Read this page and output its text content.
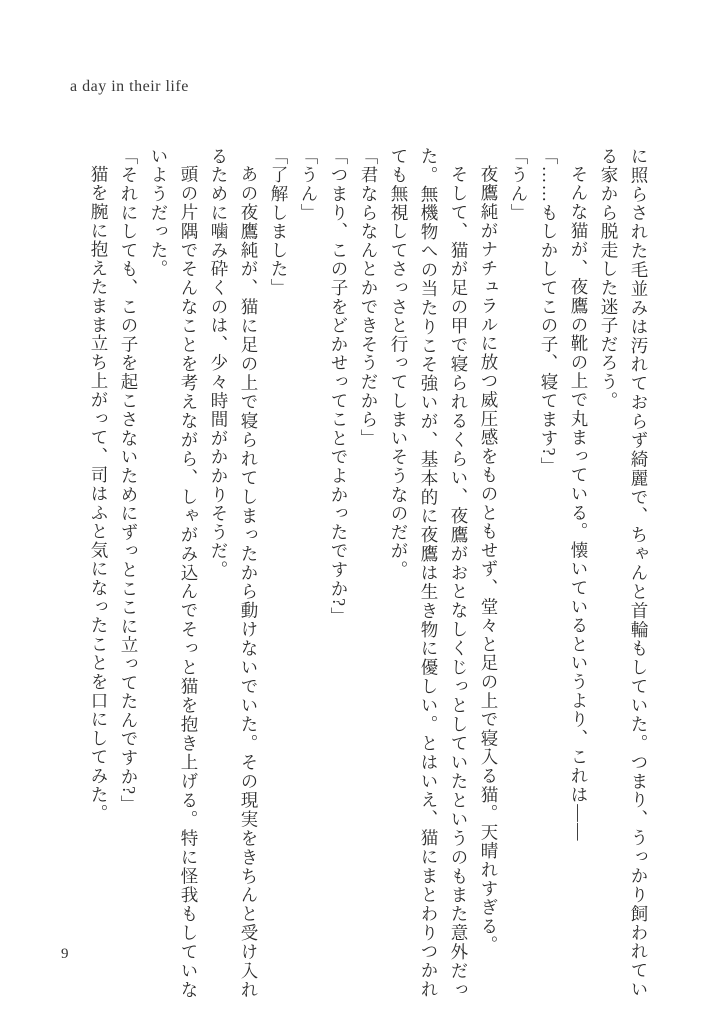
a day in their life

に照らされた毛並みは汚れておらず綺麗で、ちゃんと首輪もしていた。つまり、うっかり飼われている家から脱走した迷子だろう。

そんな猫が、夜鷹の靴の上で丸まっている。懐いているというより、これは――

「……もしかしてこの子、寝てます?」

「うん」

夜鷹純がナチュラルに放つ威圧感をものともせず、堂々と足の上で寝入る猫。天晴れすぎる。

そして、猫が足の甲で寝られるくらい、夜鷹がおとなしくじっとしていたというのもまた意外だった。無機物への当たりこそ強いが、基本的に夜鷹は生き物に優しい。とはいえ、猫にまとわりつかれても無視してさっさと行ってしまいそうなのだが。

「君ならなんとかできそうだから」

「つまり、この子をどかせってことでよかったですか?」

「うん」

「了解しました」

あの夜鷹純が、猫に足の上で寝られてしまったから動けないでいた。その現実をきちんと受け入れるために噛み砕くのは、少々時間がかかりそうだ。

頭の片隅でそんなことを考えながら、しゃがみ込んでそっと猫を抱き上げる。特に怪我もしていないようだった。

「それにしても、この子を起こさないためにずっとここに立ってたんですか?」

猫を腕に抱えたまま立ち上がって、司はふと気になったことを口にしてみた。

9
